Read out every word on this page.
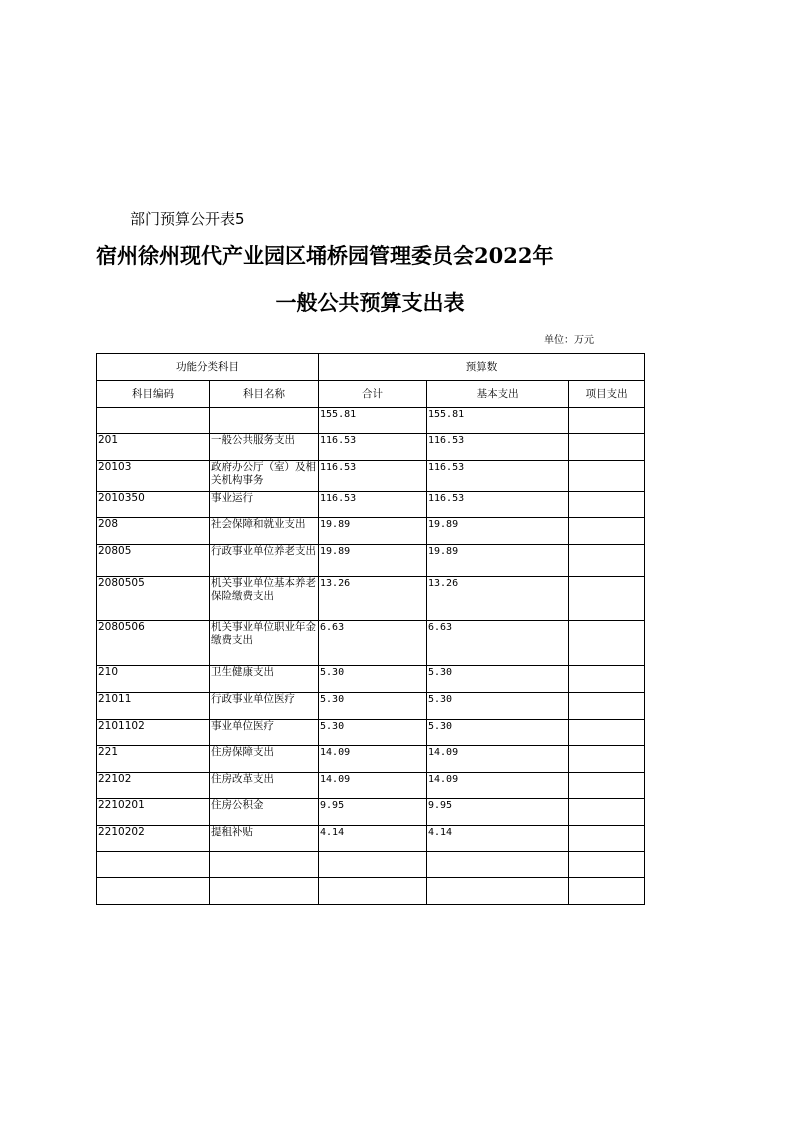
部门预算公开表5
宿州徐州现代产业园区埇桥园管理委员会2022年
一般公共预算支出表
单位：万元
功能分类科目		预算数		
科目编码	科目名称	合计	基本支出	项目支出
		155.81	155.81	
201	一般公共服务支出	116.53	116.53	
20103	政府办公厅（室）及相关机构事务	116.53	116.53	
2010350	事业运行	116.53	116.53	
208	社会保障和就业支出	19.89	19.89	
20805	行政事业单位养老支出	19.89	19.89	
2080505	机关事业单位基本养老保险缴费支出	13.26	13.26	
2080506	机关事业单位职业年金缴费支出	6.63	6.63	
210	卫生健康支出	5.30	5.30	
21011	行政事业单位医疗	5.30	5.30	
2101102	事业单位医疗	5.30	5.30	
221	住房保障支出	14.09	14.09	
22102	住房改革支出	14.09	14.09	
2210201	住房公积金	9.95	9.95	
2210202	提租补贴	4.14	4.14	
